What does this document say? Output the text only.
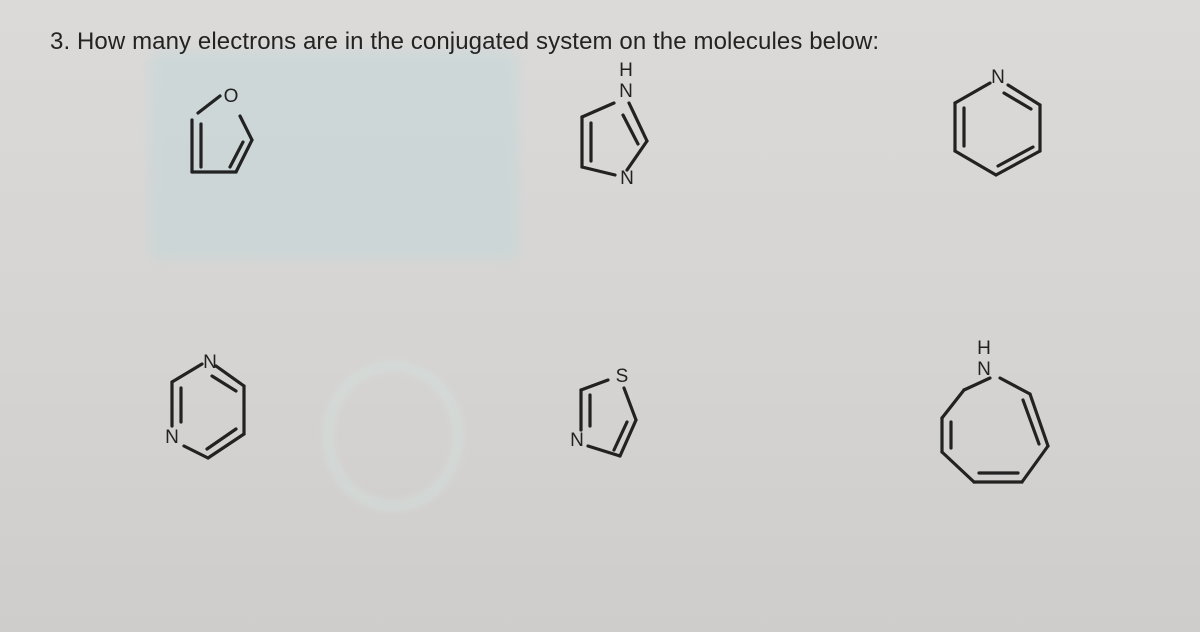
3. How many electrons are in the conjugated system on the molecules below:
O
H
N
N
N
N
N
S
N
H
N
